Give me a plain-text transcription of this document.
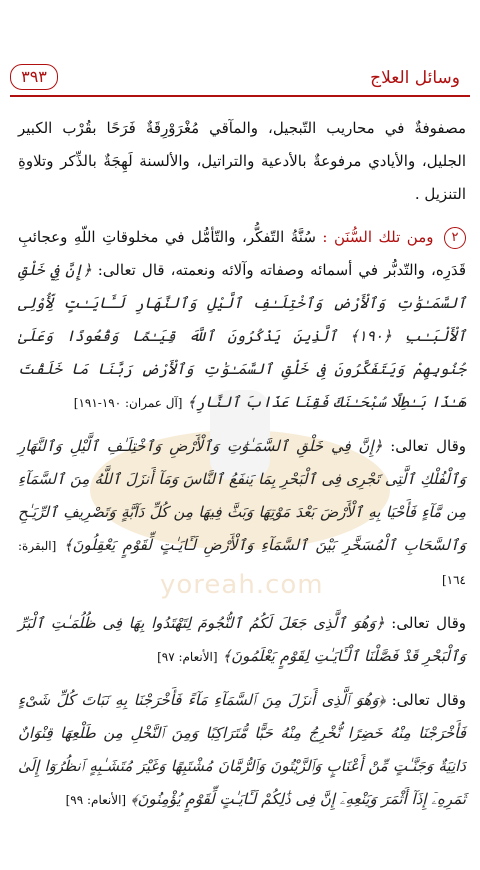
وسائل العلاج
٣٩٣
yoreah.com

مصفوفةٌ في محاريب التّبجيل، والمآقي مُغْرَوْرِقَةٌ فَرَحًا بقُرْب الكبير الجليل، والأيادي مرفوعةٌ بالأدعية والتراتيل، والألسنة لَهِجَةٌ بالذِّكر وتلاوةِ التنزيل .

٢ ومن تلك السُّنَن : سُنَّةُ التّفكُّر، والتّأمُّل في مخلوقاتِ اللّهِ وعجائبِ قَدَرِه، والتّدبُّر في أسمائه وصفاته وآلائه ونعمته، قال تعالى: ﴿إِنَّ فِي خَلْقِ ٱلسَّمَـٰوَٰتِ وَٱلْأَرْضِ وَٱخْتِلَـٰفِ ٱلَّيْلِ وَٱلنَّهَارِ لَـَٔايَـٰتٍ لِّأُوْلِى ٱلْأَلْبَـٰبِ ﴿١٩٠﴾ ٱلَّذِينَ يَذْكُرُونَ ٱللَّهَ قِيَـٰمًا وَقُعُودًا وَعَلَىٰ جُنُوبِهِمْ وَيَتَفَكَّرُونَ فِى خَلْقِ ٱلسَّمَـٰوَٰتِ وَٱلْأَرْضِ رَبَّنَا مَا خَلَقْتَ هَـٰذَا بَـٰطِلًا سُبْحَـٰنَكَ فَقِنَا عَذَابَ ٱلنَّارِ﴾ [آل عمران: ١٩٠-١٩١]

وقال تعالى: ﴿إِنَّ فِي خَلْقِ ٱلسَّمَـٰوَٰتِ وَٱلْأَرْضِ وَٱخْتِلَـٰفِ ٱلَّيْلِ وَٱلنَّهَارِ وَٱلْفُلْكِ ٱلَّتِى تَجْرِى فِى ٱلْبَحْرِ بِمَا يَنفَعُ ٱلنَّاسَ وَمَآ أَنزَلَ ٱللَّهُ مِنَ ٱلسَّمَآءِ مِن مَّآءٍ فَأَحْيَا بِهِ ٱلْأَرْضَ بَعْدَ مَوْتِهَا وَبَثَّ فِيهَا مِن كُلِّ دَآبَّةٍ وَتَصْرِيفِ ٱلرِّيَـٰحِ وَٱلسَّحَابِ ٱلْمُسَخَّرِ بَيْنَ ٱلسَّمَآءِ وَٱلْأَرْضِ لَـَٔايَـٰتٍ لِّقَوْمٍ يَعْقِلُونَ﴾ [البقرة: ١٦٤]

وقال تعالى: ﴿وَهُوَ ٱلَّذِى جَعَلَ لَكُمُ ٱلنُّجُومَ لِتَهْتَدُوا بِهَا فِى ظُلُمَـٰتِ ٱلْبَرِّ وَٱلْبَحْرِ قَدْ فَصَّلْنَا ٱلْـَٔايَـٰتِ لِقَوْمٍ يَعْلَمُونَ﴾ [الأنعام: ٩٧]

وقال تعالى: ﴿وَهُوَ ٱلَّذِى أَنزَلَ مِنَ ٱلسَّمَآءِ مَآءً فَأَخْرَجْنَا بِهِ نَبَاتَ كُلِّ شَىْءٍ فَأَخْرَجْنَا مِنْهُ خَضِرًا نُّخْرِجُ مِنْهُ حَبًّا مُّتَرَاكِبًا وَمِنَ ٱلنَّخْلِ مِن طَلْعِهَا قِنْوَانٌ دَانِيَةٌ وَجَنَّـٰتٍ مِّنْ أَعْنَابٍ وَٱلزَّيْتُونَ وَٱلرُّمَّانَ مُشْتَبِهًا وَغَيْرَ مُتَشَـٰبِهٍ ٱنظُرُوٓا إِلَىٰ ثَمَرِهِۦٓ إِذَآ أَثْمَرَ وَيَنْعِهِۦٓ إِنَّ فِى ذَٰلِكُمْ لَـَٔايَـٰتٍ لِّقَوْمٍ يُؤْمِنُونَ﴾ [الأنعام: ٩٩]
